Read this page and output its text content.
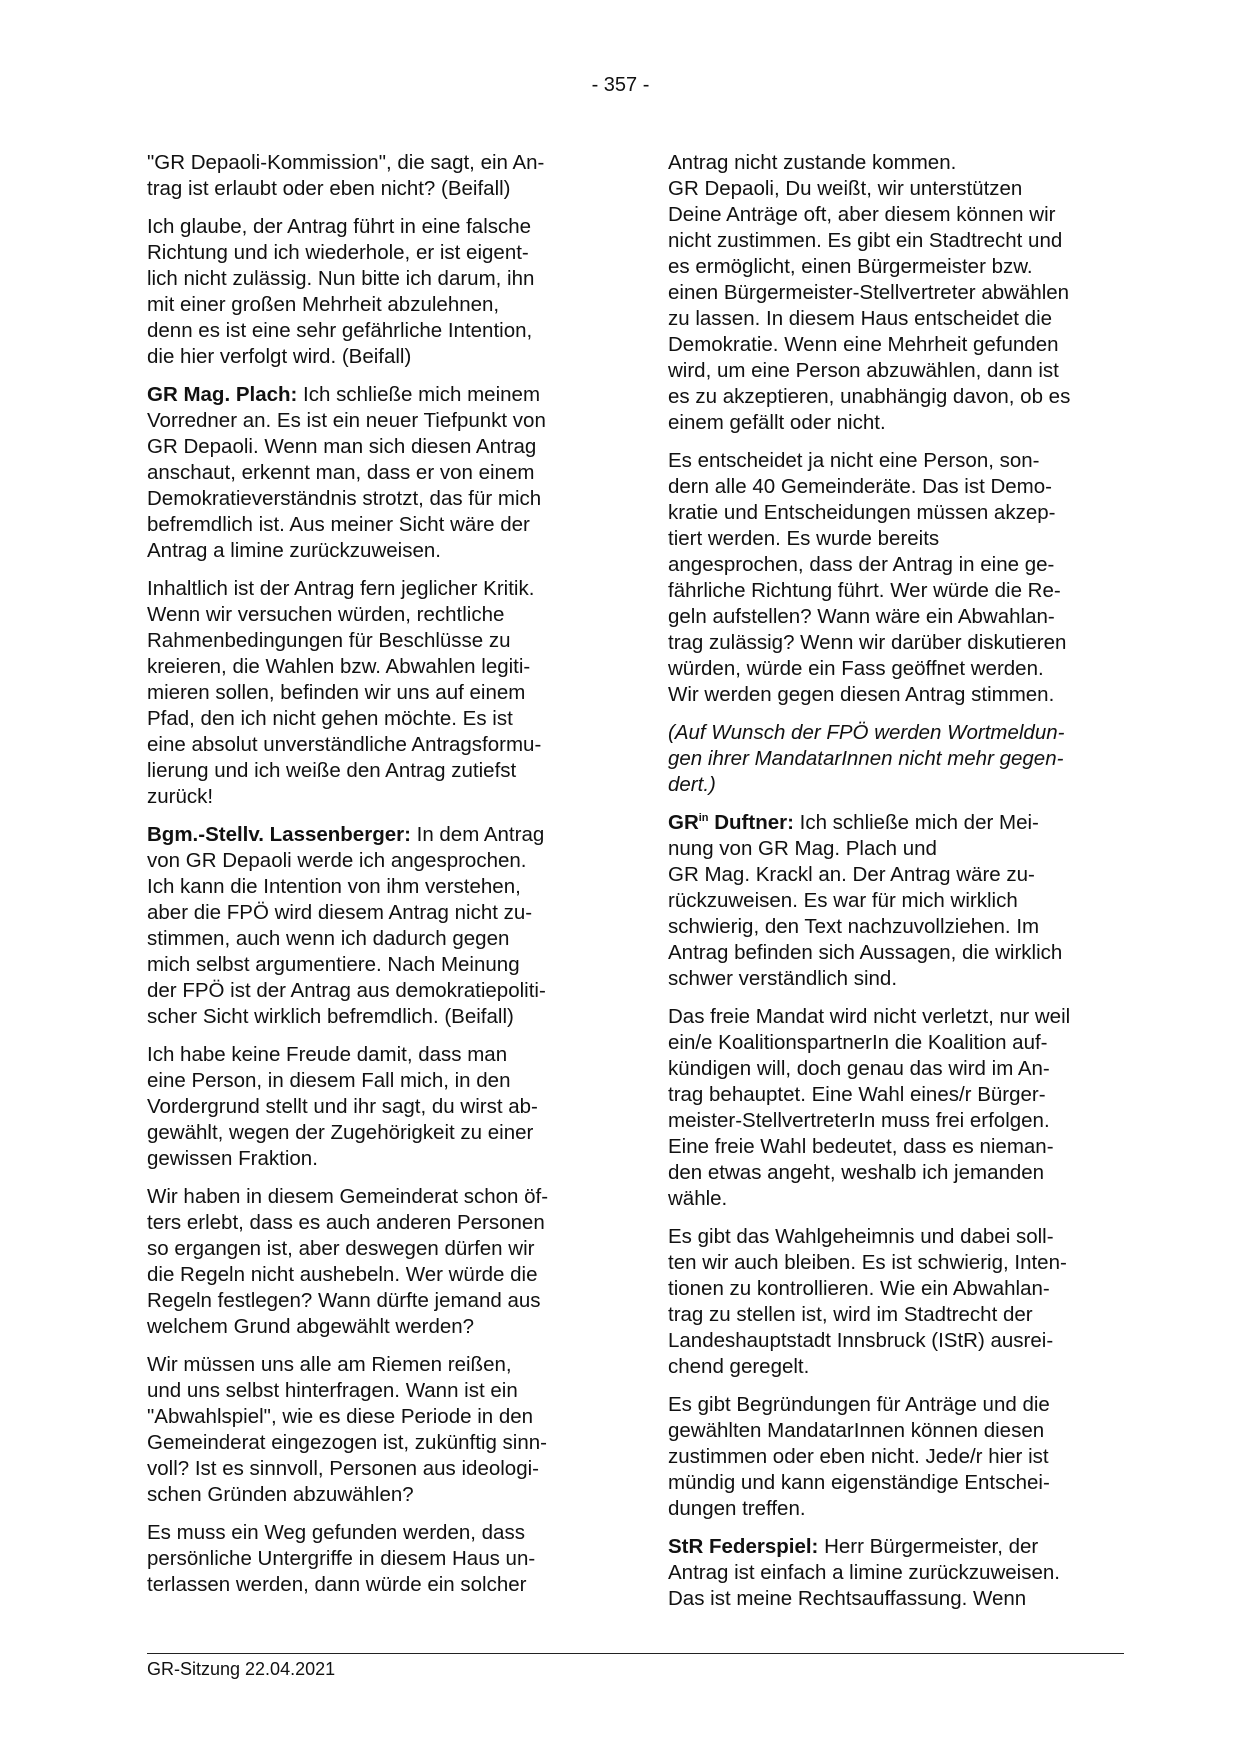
- 357 -

"GR Depaoli-Kommission", die sagt, ein An-
trag ist erlaubt oder eben nicht? (Beifall)

Ich glaube, der Antrag führt in eine falsche
Richtung und ich wiederhole, er ist eigent-
lich nicht zulässig. Nun bitte ich darum, ihn
mit einer großen Mehrheit abzulehnen,
denn es ist eine sehr gefährliche Intention,
die hier verfolgt wird. (Beifall)

GR Mag. Plach: Ich schließe mich meinem
Vorredner an. Es ist ein neuer Tiefpunkt von
GR Depaoli. Wenn man sich diesen Antrag
anschaut, erkennt man, dass er von einem
Demokratieverständnis strotzt, das für mich
befremdlich ist. Aus meiner Sicht wäre der
Antrag a limine zurückzuweisen.

Inhaltlich ist der Antrag fern jeglicher Kritik.
Wenn wir versuchen würden, rechtliche
Rahmenbedingungen für Beschlüsse zu
kreieren, die Wahlen bzw. Abwahlen legiti-
mieren sollen, befinden wir uns auf einem
Pfad, den ich nicht gehen möchte. Es ist
eine absolut unverständliche Antragsformu-
lierung und ich weiße den Antrag zutiefst
zurück!

Bgm.-Stellv. Lassenberger: In dem Antrag
von GR Depaoli werde ich angesprochen.
Ich kann die Intention von ihm verstehen,
aber die FPÖ wird diesem Antrag nicht zu-
stimmen, auch wenn ich dadurch gegen
mich selbst argumentiere. Nach Meinung
der FPÖ ist der Antrag aus demokratiepoliti-
scher Sicht wirklich befremdlich. (Beifall)

Ich habe keine Freude damit, dass man
eine Person, in diesem Fall mich, in den
Vordergrund stellt und ihr sagt, du wirst ab-
gewählt, wegen der Zugehörigkeit zu einer
gewissen Fraktion.

Wir haben in diesem Gemeinderat schon öf-
ters erlebt, dass es auch anderen Personen
so ergangen ist, aber deswegen dürfen wir
die Regeln nicht aushebeln. Wer würde die
Regeln festlegen? Wann dürfte jemand aus
welchem Grund abgewählt werden?

Wir müssen uns alle am Riemen reißen,
und uns selbst hinterfragen. Wann ist ein
"Abwahlspiel", wie es diese Periode in den
Gemeinderat eingezogen ist, zukünftig sinn-
voll? Ist es sinnvoll, Personen aus ideologi-
schen Gründen abzuwählen?

Es muss ein Weg gefunden werden, dass
persönliche Untergriffe in diesem Haus un-
terlassen werden, dann würde ein solcher

Antrag nicht zustande kommen.

GR Depaoli, Du weißt, wir unterstützen
Deine Anträge oft, aber diesem können wir
nicht zustimmen. Es gibt ein Stadtrecht und
es ermöglicht, einen Bürgermeister bzw.
einen Bürgermeister-Stellvertreter abwählen
zu lassen. In diesem Haus entscheidet die
Demokratie. Wenn eine Mehrheit gefunden
wird, um eine Person abzuwählen, dann ist
es zu akzeptieren, unabhängig davon, ob es
einem gefällt oder nicht.

Es entscheidet ja nicht eine Person, son-
dern alle 40 Gemeinderäte. Das ist Demo-
kratie und Entscheidungen müssen akzep-
tiert werden. Es wurde bereits
angesprochen, dass der Antrag in eine ge-
fährliche Richtung führt. Wer würde die Re-
geln aufstellen? Wann wäre ein Abwahlan-
trag zulässig? Wenn wir darüber diskutieren
würden, würde ein Fass geöffnet werden.
Wir werden gegen diesen Antrag stimmen.

(Auf Wunsch der FPÖ werden Wortmeldun-
gen ihrer MandatarInnen nicht mehr gegen-
dert.)

$GR^{in}$ Duftner: Ich schließe mich der Mei-
nung von GR Mag. Plach und
GR Mag. Krackl an. Der Antrag wäre zu-
rückzuweisen. Es war für mich wirklich
schwierig, den Text nachzuvollziehen. Im
Antrag befinden sich Aussagen, die wirklich
schwer verständlich sind.

Das freie Mandat wird nicht verletzt, nur weil
ein/e KoalitionspartnerIn die Koalition auf-
kündigen will, doch genau das wird im An-
trag behauptet. Eine Wahl eines/r Bürger-
meister-StellvertreterIn muss frei erfolgen.
Eine freie Wahl bedeutet, dass es nieman-
den etwas angeht, weshalb ich jemanden
wähle.

Es gibt das Wahlgeheimnis und dabei soll-
ten wir auch bleiben. Es ist schwierig, Inten-
tionen zu kontrollieren. Wie ein Abwahlan-
trag zu stellen ist, wird im Stadtrecht der
Landeshauptstadt Innsbruck (IStR) ausrei-
chend geregelt.

Es gibt Begründungen für Anträge und die
gewählten MandatarInnen können diesen
zustimmen oder eben nicht. Jede/r hier ist
mündig und kann eigenständige Entschei-
dungen treffen.

StR Federspiel: Herr Bürgermeister, der
Antrag ist einfach a limine zurückzuweisen.
Das ist meine Rechtsauffassung. Wenn

GR-Sitzung 22.04.2021
